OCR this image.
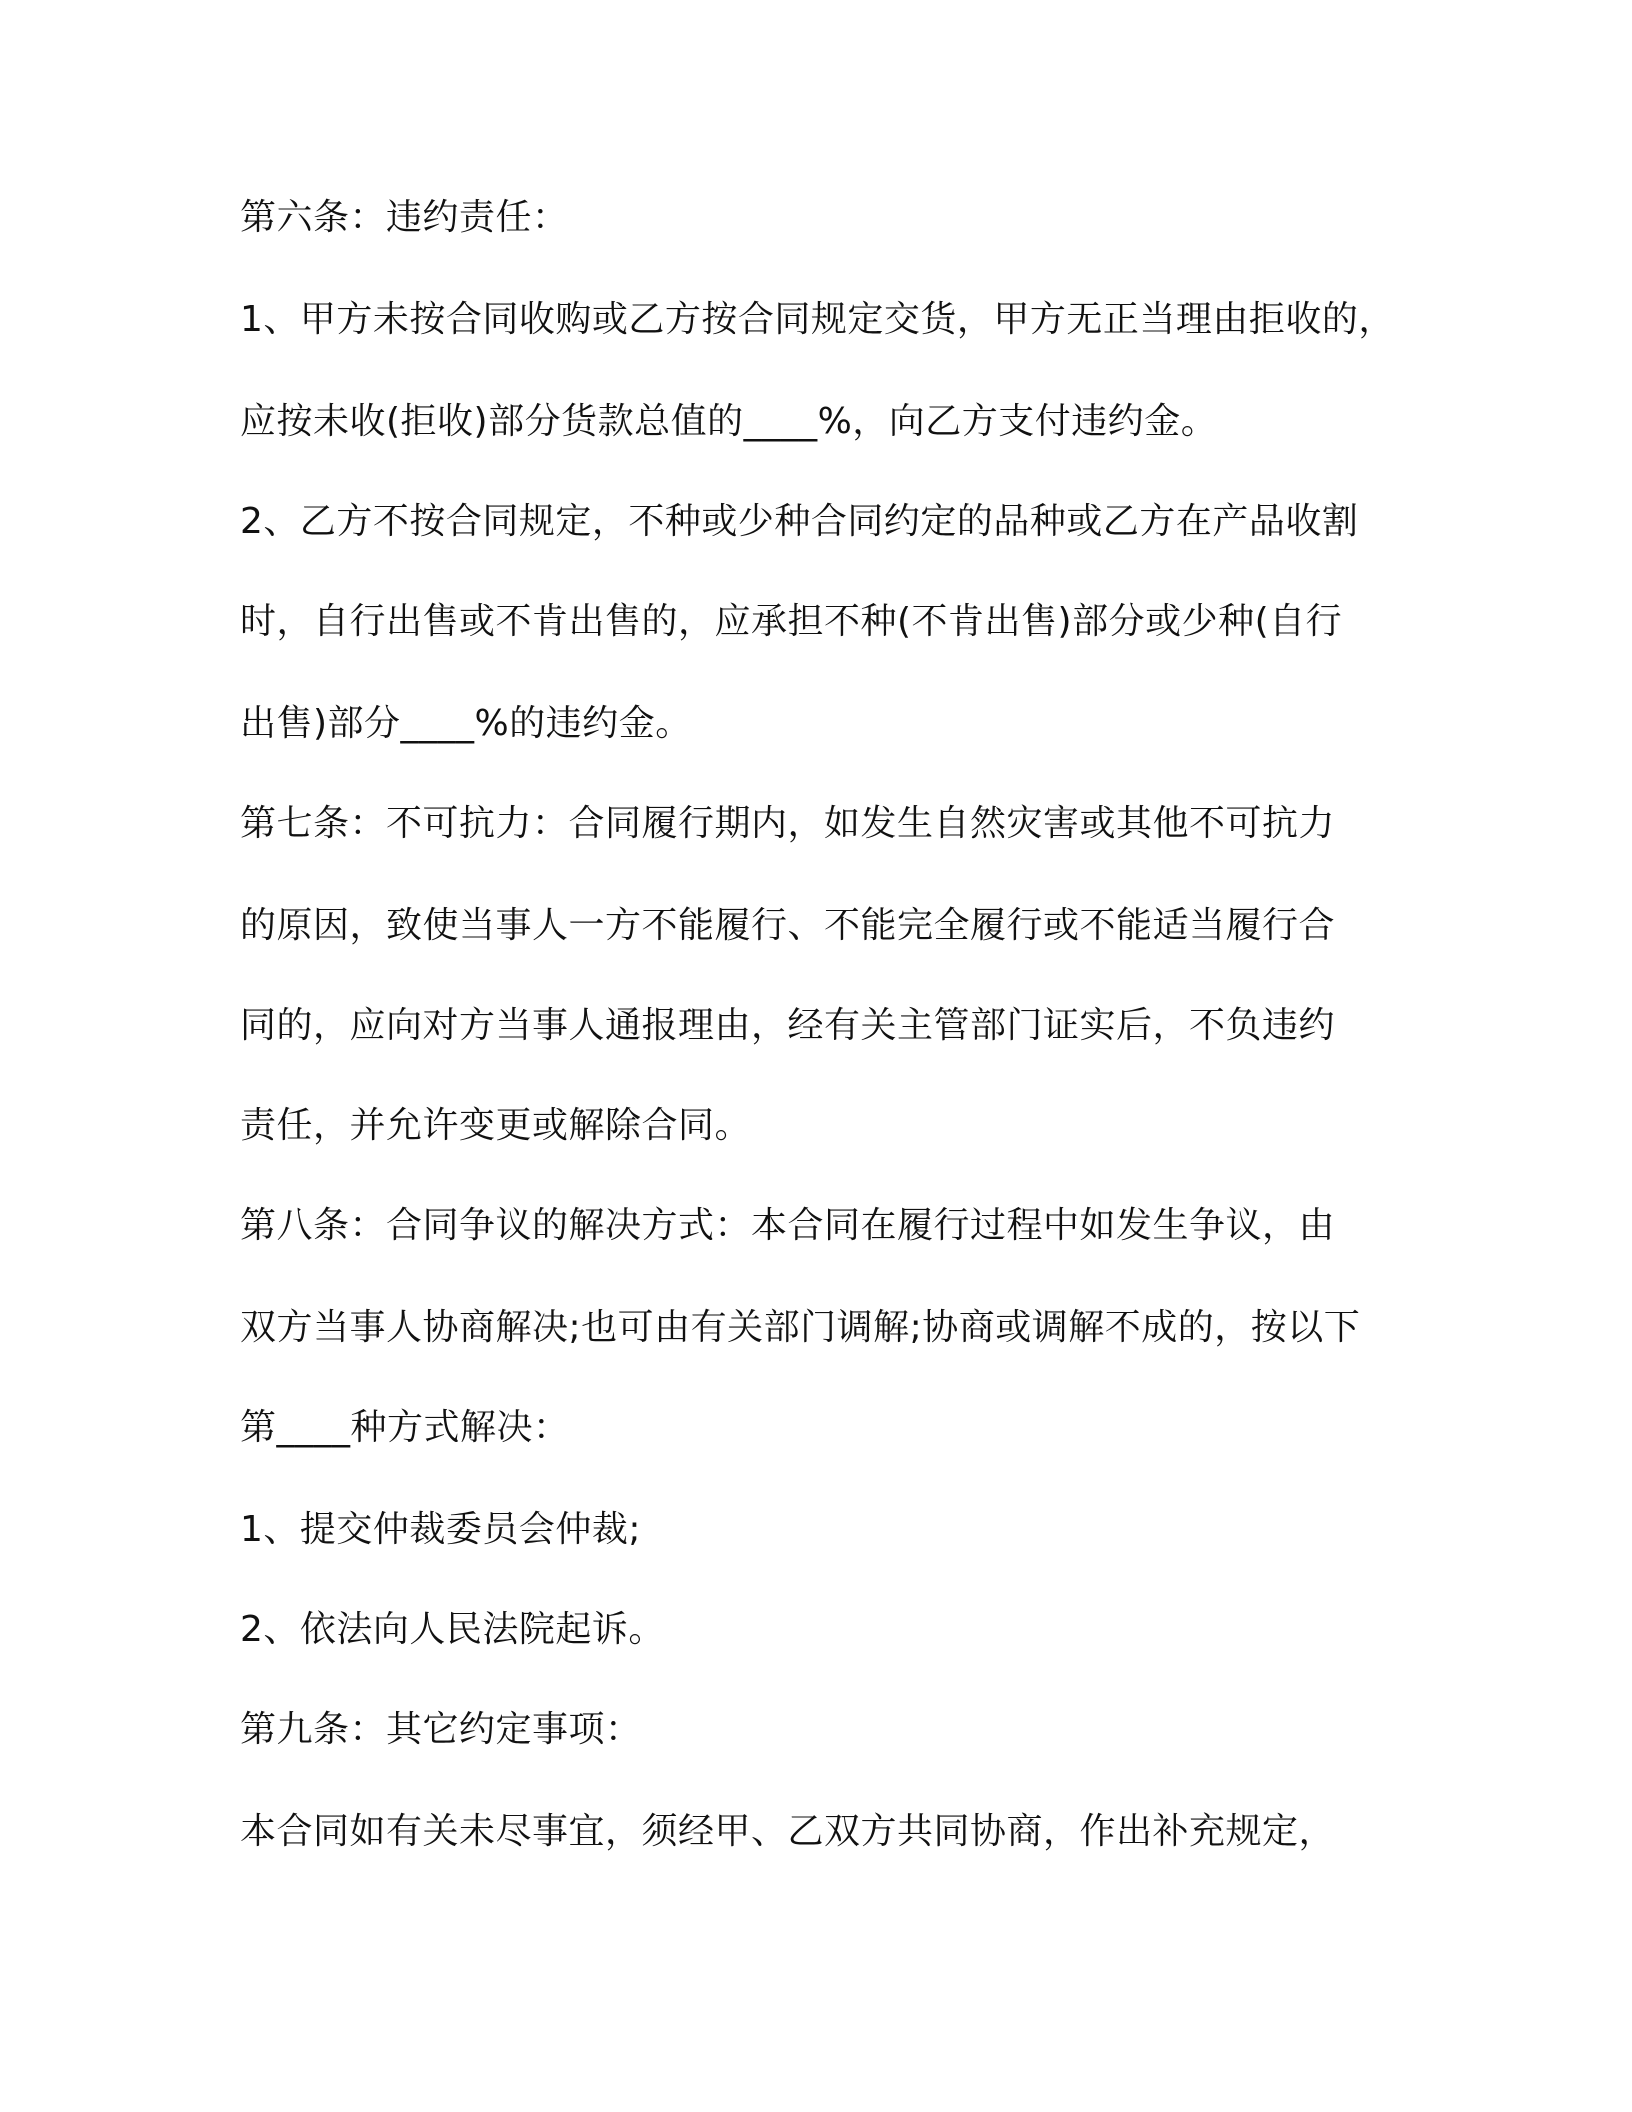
第六条：违约责任：
1、甲方未按合同收购或乙方按合同规定交货，甲方无正当理由拒收的，
应按未收(拒收)部分货款总值的____%，向乙方支付违约金。
2、乙方不按合同规定，不种或少种合同约定的品种或乙方在产品收割
时，自行出售或不肯出售的，应承担不种(不肯出售)部分或少种(自行
出售)部分____%的违约金。
第七条：不可抗力：合同履行期内，如发生自然灾害或其他不可抗力
的原因，致使当事人一方不能履行、不能完全履行或不能适当履行合
同的，应向对方当事人通报理由，经有关主管部门证实后，不负违约
责任，并允许变更或解除合同。
第八条：合同争议的解决方式：本合同在履行过程中如发生争议，由
双方当事人协商解决;也可由有关部门调解;协商或调解不成的，按以下
第____种方式解决：
1、提交仲裁委员会仲裁;
2、依法向人民法院起诉。
第九条：其它约定事项：
本合同如有关未尽事宜，须经甲、乙双方共同协商，作出补充规定，
